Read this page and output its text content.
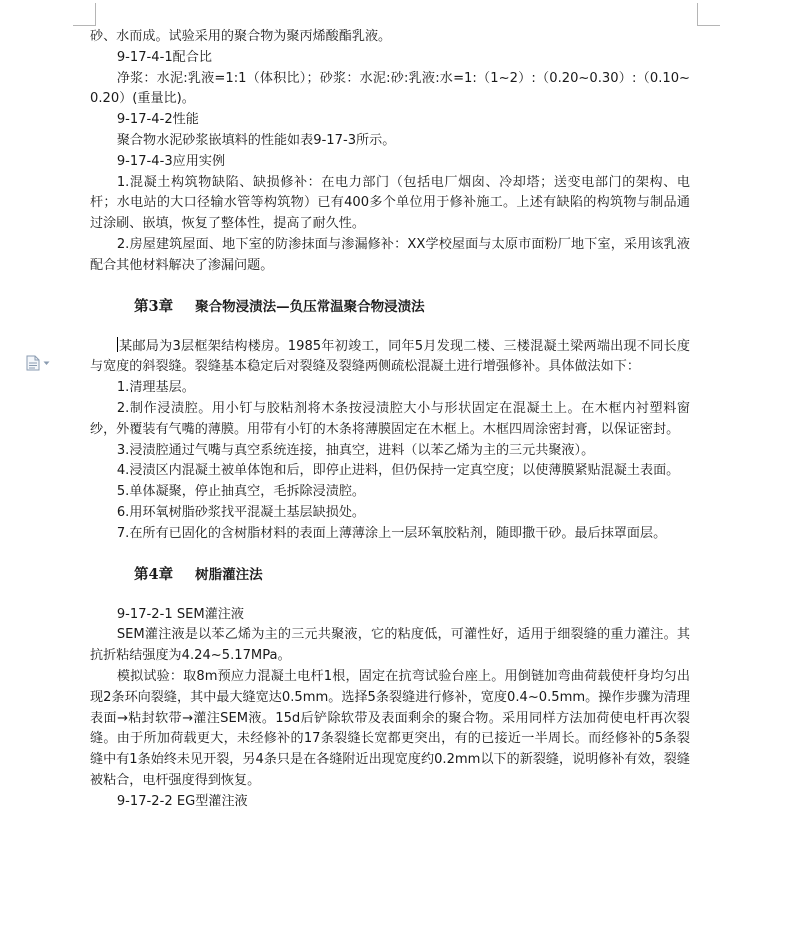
砂、水而成。试验采用的聚合物为聚丙烯酸酯乳液。

9-17-4-1配合比

净浆：水泥:乳液=1:1（体积比）；砂浆：水泥:砂:乳液:水=1:（1~2）:（0.20~0.30）:（0.10~0.20）(重量比)。

9-17-4-2性能

聚合物水泥砂浆嵌填料的性能如表9-17-3所示。

9-17-4-3应用实例

1.混凝土构筑物缺陷、缺损修补：在电力部门（包括电厂烟囱、冷却塔；送变电部门的架构、电杆；水电站的大口径输水管等构筑物）已有400多个单位用于修补施工。上述有缺陷的构筑物与制品通过涂刷、嵌填，恢复了整体性，提高了耐久性。

2.房屋建筑屋面、地下室的防渗抹面与渗漏修补：XX学校屋面与太原市面粉厂地下室，采用该乳液配合其他材料解决了渗漏问题。

第3章 聚合物浸渍法—负压常温聚合物浸渍法

某邮局为3层框架结构楼房。1985年初竣工，同年5月发现二楼、三楼混凝土梁两端出现不同长度与宽度的斜裂缝。裂缝基本稳定后对裂缝及裂缝两侧疏松混凝土进行增强修补。具体做法如下：

1.清理基层。

2.制作浸渍腔。用小钉与胶粘剂将木条按浸渍腔大小与形状固定在混凝土上。在木框内衬塑料窗纱，外覆装有气嘴的薄膜。用带有小钉的木条将薄膜固定在木框上。木框四周涂密封膏，以保证密封。

3.浸渍腔通过气嘴与真空系统连接，抽真空，进料（以苯乙烯为主的三元共聚液）。

4.浸渍区内混凝土被单体饱和后，即停止进料，但仍保持一定真空度；以使薄膜紧贴混凝土表面。

5.单体凝聚，停止抽真空，毛拆除浸渍腔。

6.用环氧树脂砂浆找平混凝土基层缺损处。

7.在所有已固化的含树脂材料的表面上薄薄涂上一层环氧胶粘剂，随即撒干砂。最后抹罩面层。

第4章 树脂灌注法

9-17-2-1 SEM灌注液

SEM灌注液是以苯乙烯为主的三元共聚液，它的粘度低，可灌性好，适用于细裂缝的重力灌注。其抗折粘结强度为4.24~5.17MPa。

模拟试验：取8m预应力混凝土电杆1根，固定在抗弯试验台座上。用倒链加弯曲荷载使杆身均匀出现2条环向裂缝，其中最大缝宽达0.5mm。选择5条裂缝进行修补，宽度0.4~0.5mm。操作步骤为清理表面→粘封软带→灌注SEM液。15d后铲除软带及表面剩余的聚合物。采用同样方法加荷使电杆再次裂缝。由于所加荷载更大，未经修补的17条裂缝长宽都更突出，有的已接近一半周长。而经修补的5条裂缝中有1条始终未见开裂，另4条只是在各缝附近出现宽度约0.2mm以下的新裂缝，说明修补有效，裂缝被粘合，电杆强度得到恢复。

9-17-2-2 EG型灌注液
